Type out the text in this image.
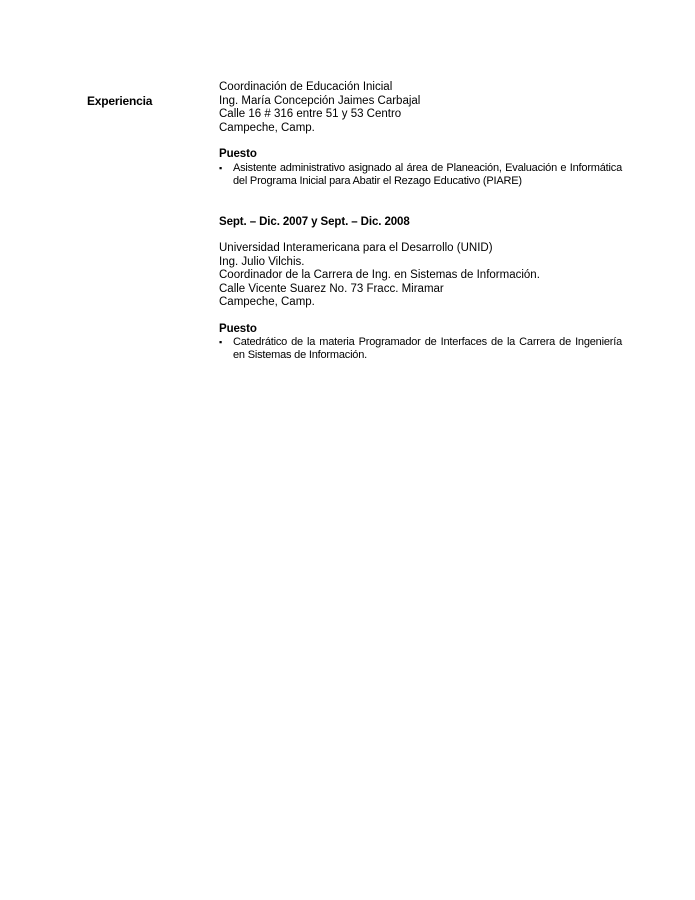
Experiencia
Coordinación de Educación Inicial
Ing. María Concepción Jaimes Carbajal
Calle 16 # 316 entre 51 y 53 Centro
Campeche, Camp.
Puesto
▪ Asistente administrativo asignado al área de Planeación, Evaluación e Informática del Programa Inicial para Abatir el Rezago Educativo (PIARE)
Sept. – Dic. 2007 y Sept. – Dic. 2008
Universidad Interamericana para el Desarrollo (UNID)
Ing. Julio Vilchis.
Coordinador de la Carrera de Ing. en Sistemas de Información.
Calle Vicente Suarez No. 73 Fracc. Miramar
Campeche, Camp.
Puesto
▪ Catedrático de la materia Programador de Interfaces de la Carrera de Ingeniería en Sistemas de Información.
